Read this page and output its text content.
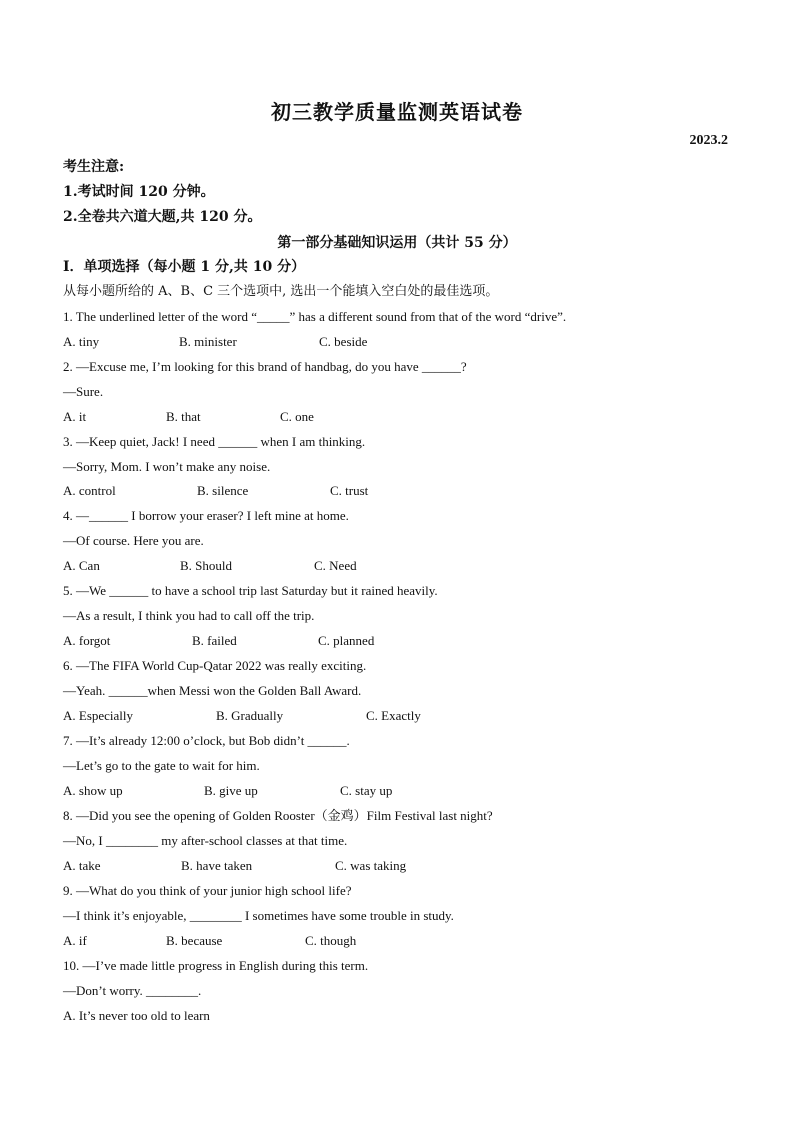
初三教学质量监测英语试卷
2023.2
考生注意:
1.考试时间 120 分钟。
2.全卷共六道大题,共 120 分。
第一部分基础知识运用（共计 55 分）
I．单项选择（每小题 1 分,共 10 分）
从每小题所给的 A、B、C 三个选项中, 选出一个能填入空白处的最佳选项。
1. The underlined letter of the word “_____” has a different sound from that of the word “drive”.
A. tiny	B. minister	C. beside
2. —Excuse me, I’m looking for this brand of handbag, do you have ______?
—Sure.
A. it	B. that	C. one
3. —Keep quiet, Jack! I need ______ when I am thinking.
—Sorry, Mom. I won’t make any noise.
A. control	B. silence	C. trust
4. —______ I borrow your eraser? I left mine at home.
—Of course. Here you are.
A. Can	B. Should	C. Need
5. —We ______ to have a school trip last Saturday but it rained heavily.
—As a result, I think you had to call off the trip.
A. forgot	B. failed	C. planned
6. —The FIFA World Cup-Qatar 2022 was really exciting.
—Yeah. ______when Messi won the Golden Ball Award.
A. Especially	B. Gradually	C. Exactly
7. —It’s already 12:00 o’clock, but Bob didn’t ______.
—Let’s go to the gate to wait for him.
A. show up	B. give up	C. stay up
8. —Did you see the opening of Golden Rooster（金鸡）Film Festival last night?
—No, I ________ my after-school classes at that time.
A. take	B. have taken	C. was taking
9. —What do you think of your junior high school life?
—I think it’s enjoyable, ________ I sometimes have some trouble in study.
A. if	B. because	C. though
10. —I’ve made little progress in English during this term.
—Don’t worry. ________.
A. It’s never too old to learn
